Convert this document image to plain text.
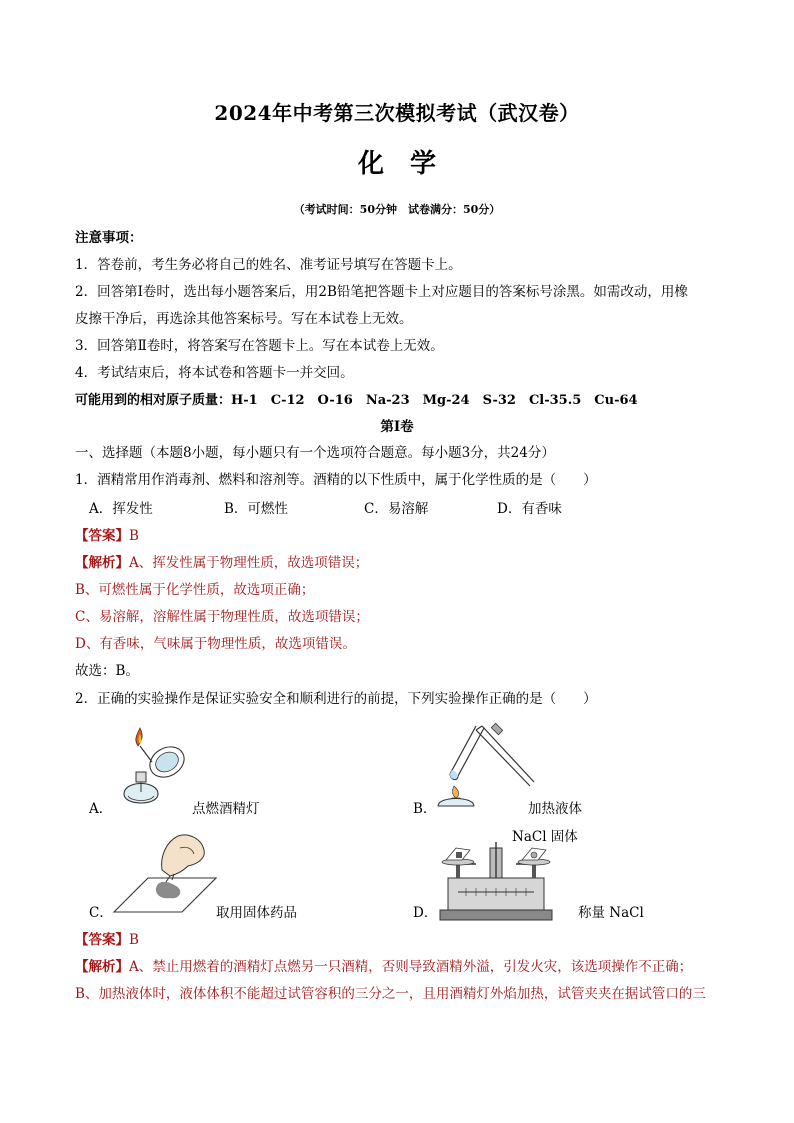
2024年中考第三次模拟考试（武汉卷）
化　学
（考试时间：50分钟　试卷满分：50分）
注意事项：
1．答卷前，考生务必将自己的姓名、准考证号填写在答题卡上。
2．回答第Ⅰ卷时，选出每小题答案后，用2B铅笔把答题卡上对应题目的答案标号涂黑。如需改动，用橡
皮擦干净后，再选涂其他答案标号。写在本试卷上无效。
3．回答第Ⅱ卷时，将答案写在答题卡上。写在本试卷上无效。
4．考试结束后，将本试卷和答题卡一并交回。
可能用到的相对原子质量：H-1　C-12　O-16　Na-23　Mg-24　S-32　Cl-35.5　Cu-64
第Ⅰ卷
一、选择题（本题8小题，每小题只有一个选项符合题意。每小题3分，共24分）
1．酒精常用作消毒剂、燃料和溶剂等。酒精的以下性质中，属于化学性质的是（　　）
A．挥发性	B．可燃性	C．易溶解	D．有香味
【答案】B
【解析】A、挥发性属于物理性质，故选项错误；
B、可燃性属于化学性质，故选项正确；
C、易溶解，溶解性属于物理性质，故选项错误；
D、有香味，气味属于物理性质，故选项错误。
故选：B。
2．正确的实验操作是保证实验安全和顺利进行的前提，下列实验操作正确的是（　　）
A．	点燃酒精灯	B．	加热液体
C．	取用固体药品
NaCl 固体
D．	称量 NaCl
【答案】B
【解析】A、禁止用燃着的酒精灯点燃另一只酒精，否则导致酒精外溢，引发火灾，该选项操作不正确；
B、加热液体时，液体体积不能超过试管容积的三分之一，且用酒精灯外焰加热，试管夹夹在据试管口的三
